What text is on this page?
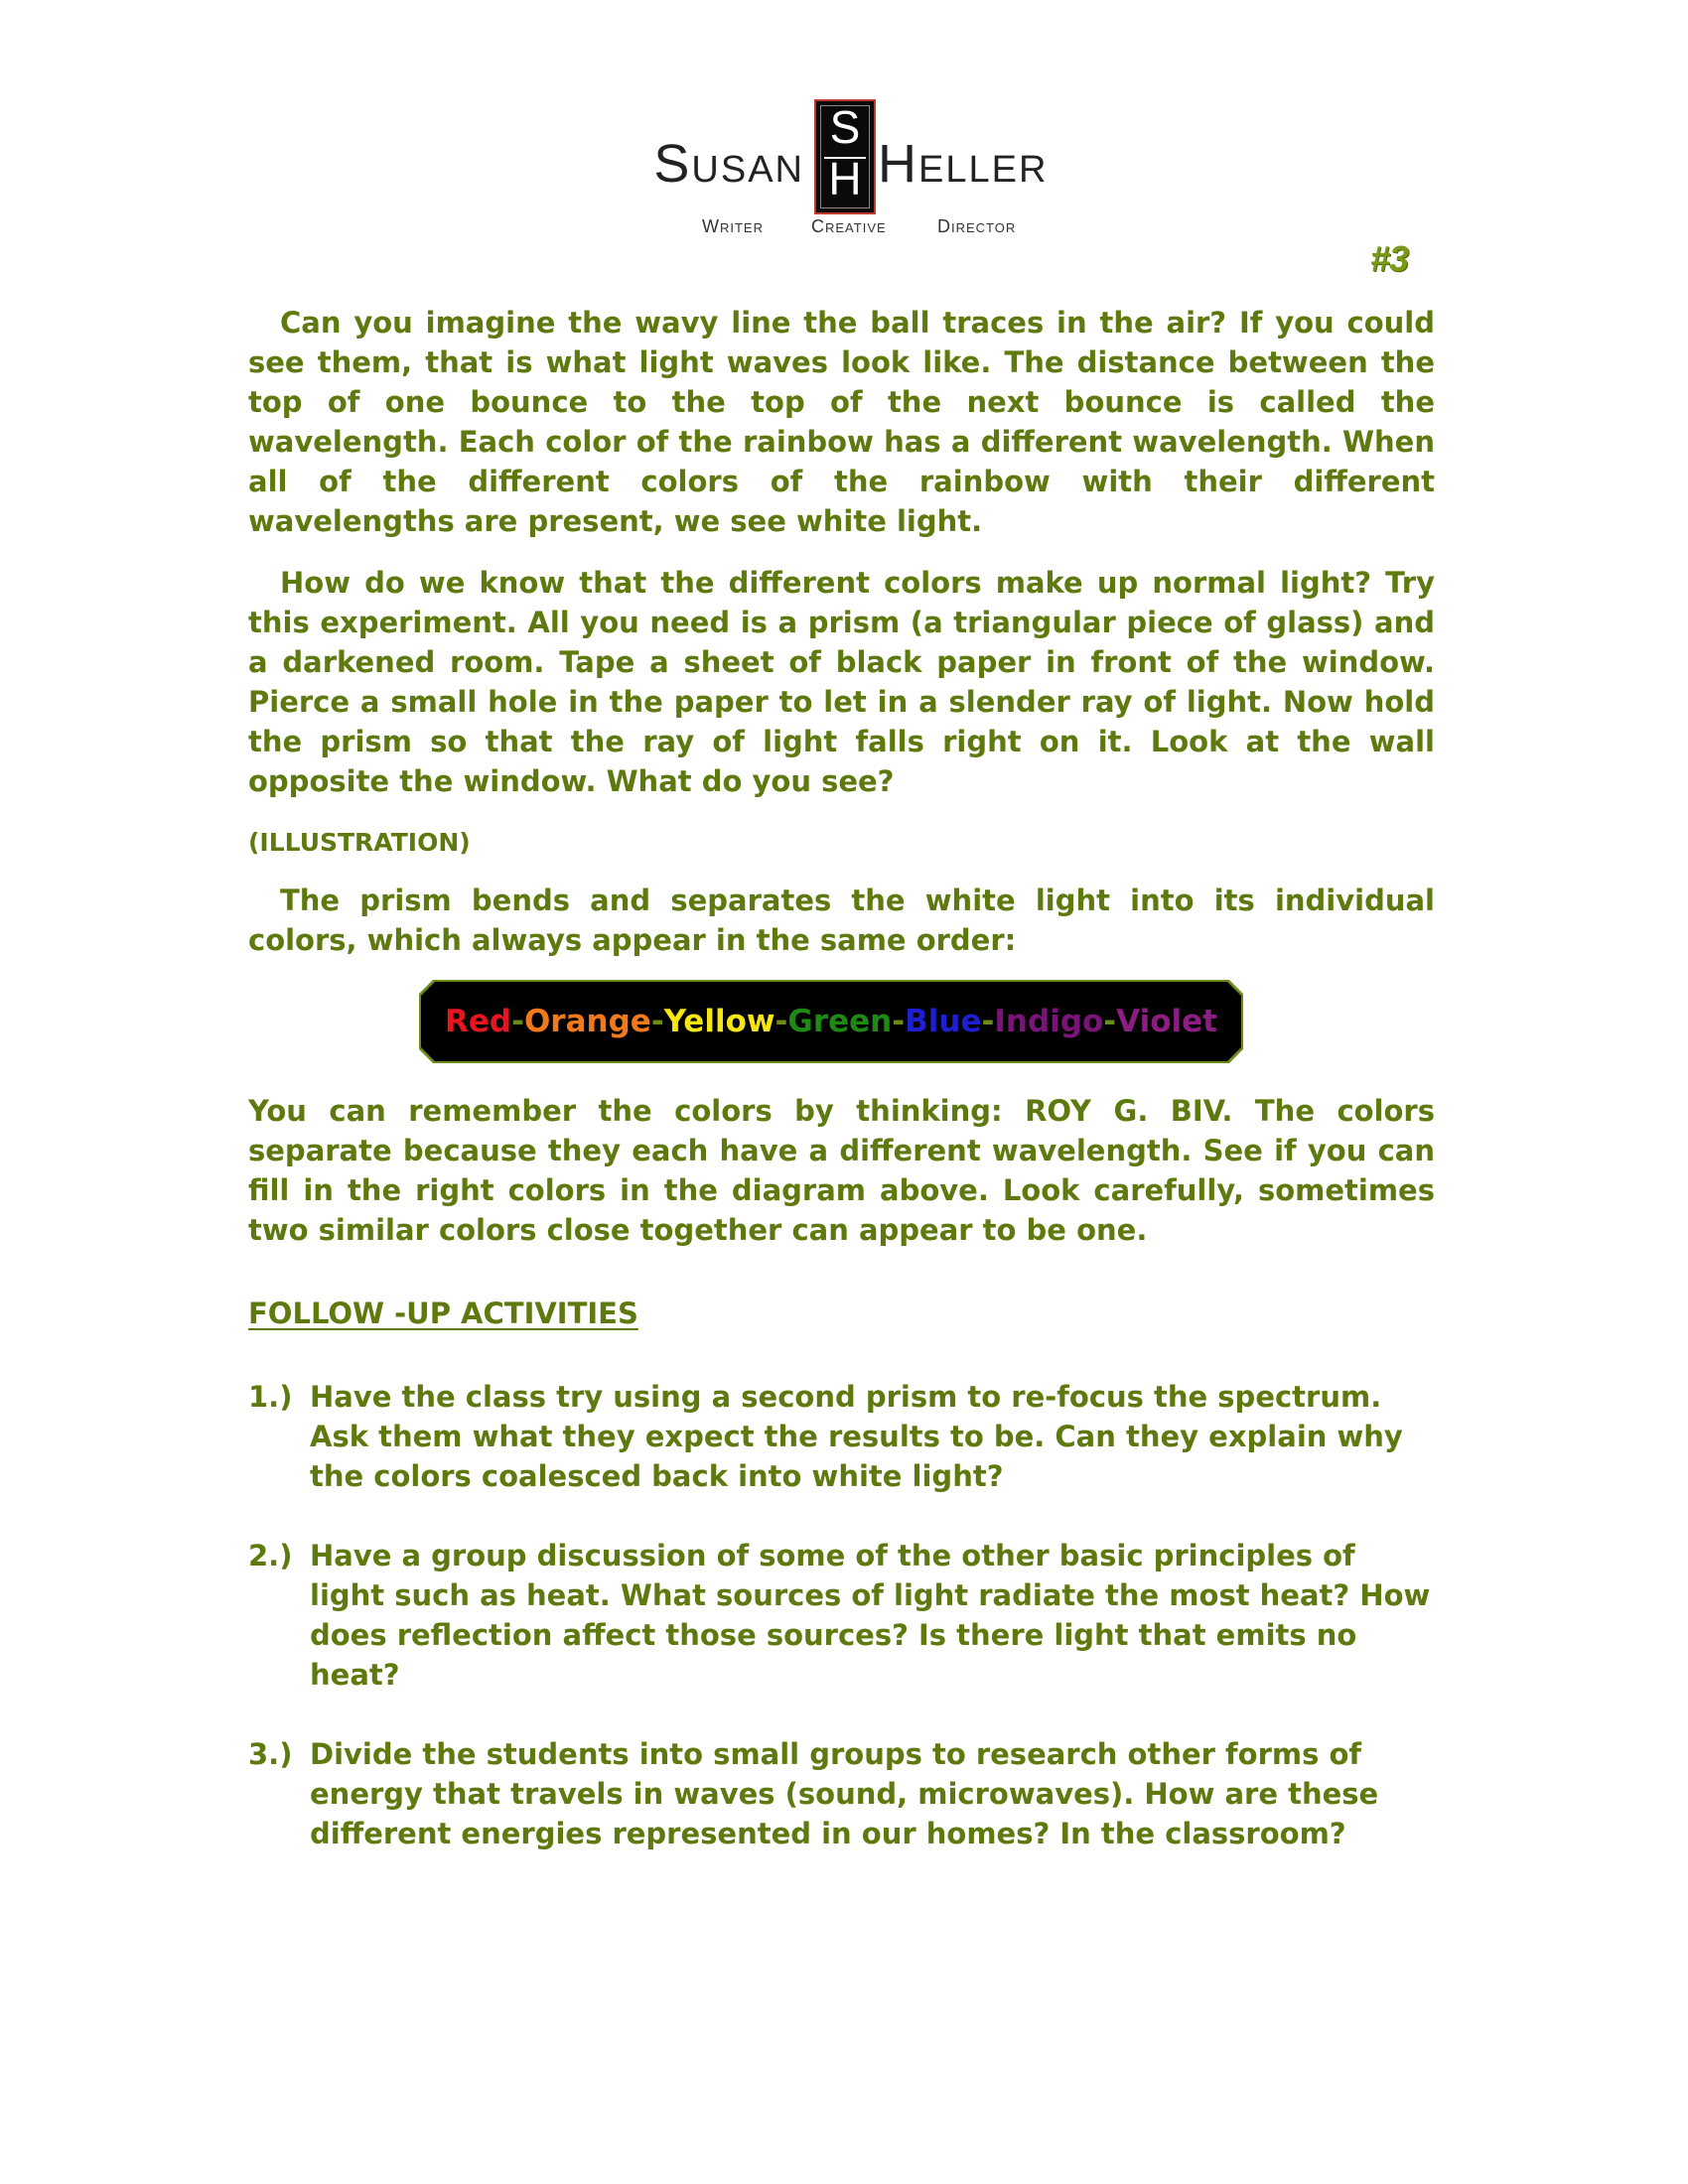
Susan
S
H Heller
Writer	Creative	Director
#3

Can you imagine the wavy line the ball traces in the air? If you could see them, that is what light waves look like. The distance between the top of one bounce to the top of the next bounce is called the wavelength. Each color of the rainbow has a different wavelength. When all of the different colors of the rainbow with their different wavelengths are present, we see white light.

How do we know that the different colors make up normal light? Try this experiment. All you need is a prism (a triangular piece of glass) and a darkened room. Tape a sheet of black paper in front of the window. Pierce a small hole in the paper to let in a slender ray of light. Now hold the prism so that the ray of light falls right on it. Look at the wall opposite the window. What do you see?

(ILLUSTRATION)

The prism bends and separates the white light into its individual colors, which always appear in the same order:

Red - Orange - Yellow - Green - Blue - Indigo - Violet

You can remember the colors by thinking: ROY G. BIV. The colors separate because they each have a different wavelength. See if you can fill in the right colors in the diagram above. Look carefully, sometimes two similar colors close together can appear to be one.

FOLLOW -UP ACTIVITIES
1.) Have the class try using a second prism to re-focus the spectrum. Ask them what they expect the results to be. Can they explain why the colors coalesced back into white light?
2.) Have a group discussion of some of the other basic principles of light such as heat. What sources of light radiate the most heat? How does reflection affect those sources? Is there light that emits no heat?
3.) Divide the students into small groups to research other forms of energy that travels in waves (sound, microwaves). How are these different energies represented in our homes? In the classroom?
